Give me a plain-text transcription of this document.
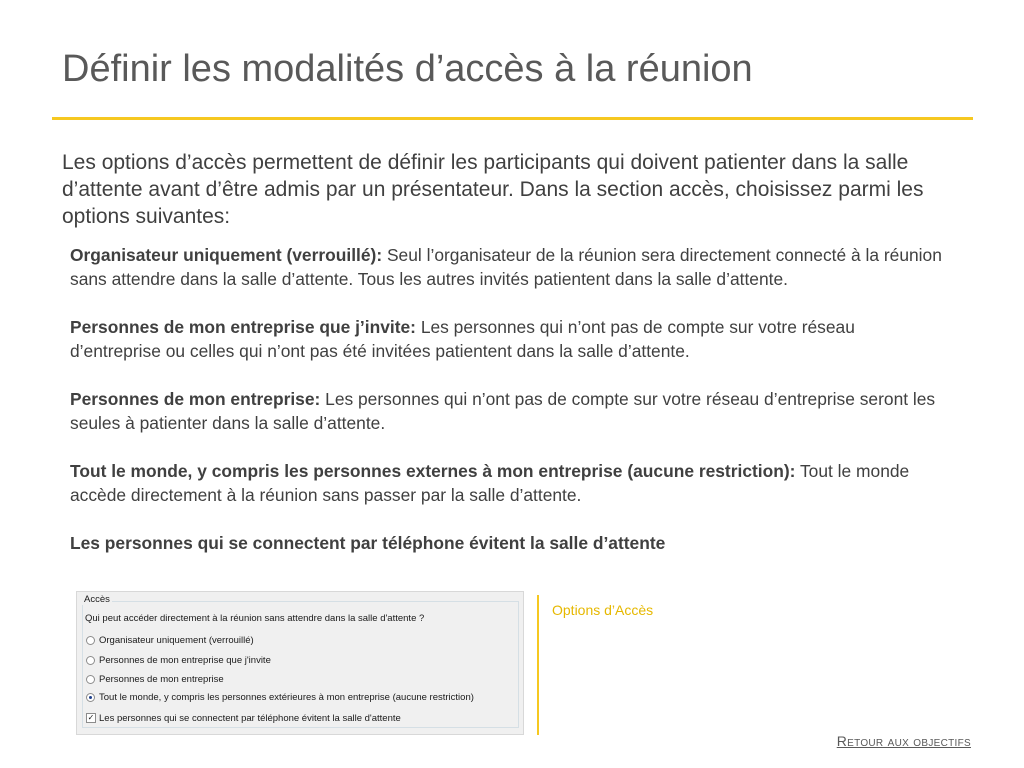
Définir les modalités d’accès à la réunion

Les options d’accès permettent de définir les participants qui doivent patienter dans la salle d’attente avant d’être admis par un présentateur. Dans la section accès, choisissez parmi les options suivantes:

Organisateur uniquement (verrouillé): Seul l’organisateur de la réunion sera directement connecté à la réunion sans attendre dans la salle d’attente. Tous les autres invités patientent dans la salle d’attente.

Personnes de mon entreprise que j’invite: Les personnes qui n’ont pas de compte sur votre réseau d’entreprise ou celles qui n’ont pas été invitées patientent dans la salle d’attente.

Personnes de mon entreprise: Les personnes qui n’ont pas de compte sur votre réseau d’entreprise seront les seules à patienter dans la salle d’attente.

Tout le monde, y compris les personnes externes à mon entreprise (aucune restriction): Tout le monde accède directement à la réunion sans passer par la salle d’attente.

Les personnes qui se connectent par téléphone évitent la salle d’attente

Accès
Qui peut accéder directement à la réunion sans attendre dans la salle d'attente ?
Organisateur uniquement (verrouillé)
Personnes de mon entreprise que j'invite
Personnes de mon entreprise
Tout le monde, y compris les personnes extérieures à mon entreprise (aucune restriction)
✓ Les personnes qui se connectent par téléphone évitent la salle d'attente
Options d’Accès
Retour aux objectifs
